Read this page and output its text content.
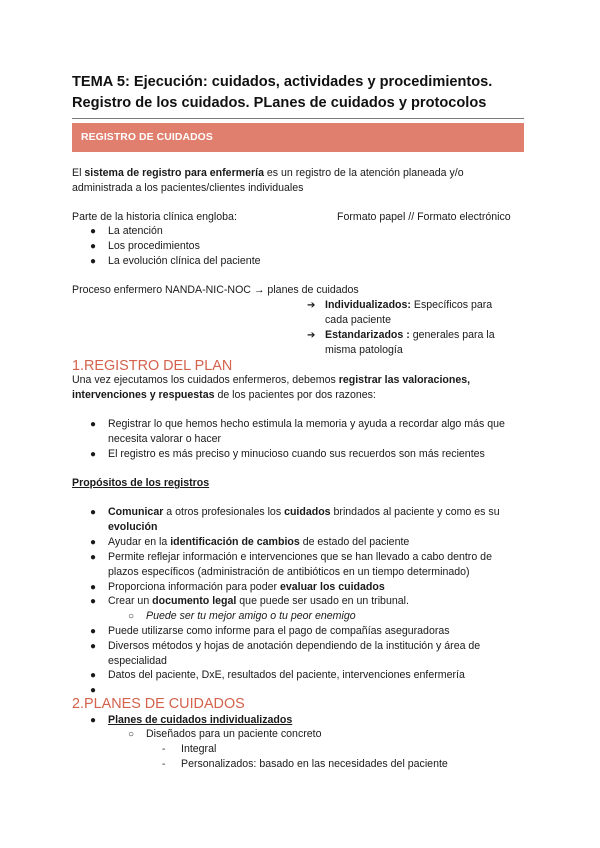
TEMA 5: Ejecución: cuidados, actividades y procedimientos.
Registro de los cuidados. PLanes de cuidados y protocolos
REGISTRO DE CUIDADOS
El sistema de registro para enfermería es un registro de la atención planeada y/o
administrada a los pacientes/clientes individuales
Parte de la historia clínica engloba:	Formato papel // Formato electrónico
● La atención
● Los procedimientos
● La evolución clínica del paciente
Proceso enfermero NANDA-NIC-NOC → planes de cuidados
➔ Individualizados: Específicos para
cada paciente
➔ Estandarizados : generales para la
misma patología
1.REGISTRO DEL PLAN
Una vez ejecutamos los cuidados enfermeros, debemos registrar las valoraciones,
intervenciones y respuestas de los pacientes por dos razones:
● Registrar lo que hemos hecho estimula la memoria y ayuda a recordar algo más que
necesita valorar o hacer
● El registro es más preciso y minucioso cuando sus recuerdos son más recientes
Propósitos de los registros
● Comunicar a otros profesionales los cuidados brindados al paciente y como es su
evolución
● Ayudar en la identificación de cambios de estado del paciente
● Permite reflejar información e intervenciones que se han llevado a cabo dentro de
plazos específicos (administración de antibióticos en un tiempo determinado)
● Proporciona información para poder evaluar los cuidados
● Crear un documento legal que puede ser usado en un tribunal.
○ Puede ser tu mejor amigo o tu peor enemigo
● Puede utilizarse como informe para el pago de compañías aseguradoras
● Diversos métodos y hojas de anotación dependiendo de la institución y área de
especialidad
● Datos del paciente, DxE, resultados del paciente, intervenciones enfermería
●
2.PLANES DE CUIDADOS
● Planes de cuidados individualizados
○ Diseñados para un paciente concreto
- Integral
- Personalizados: basado en las necesidades del paciente
